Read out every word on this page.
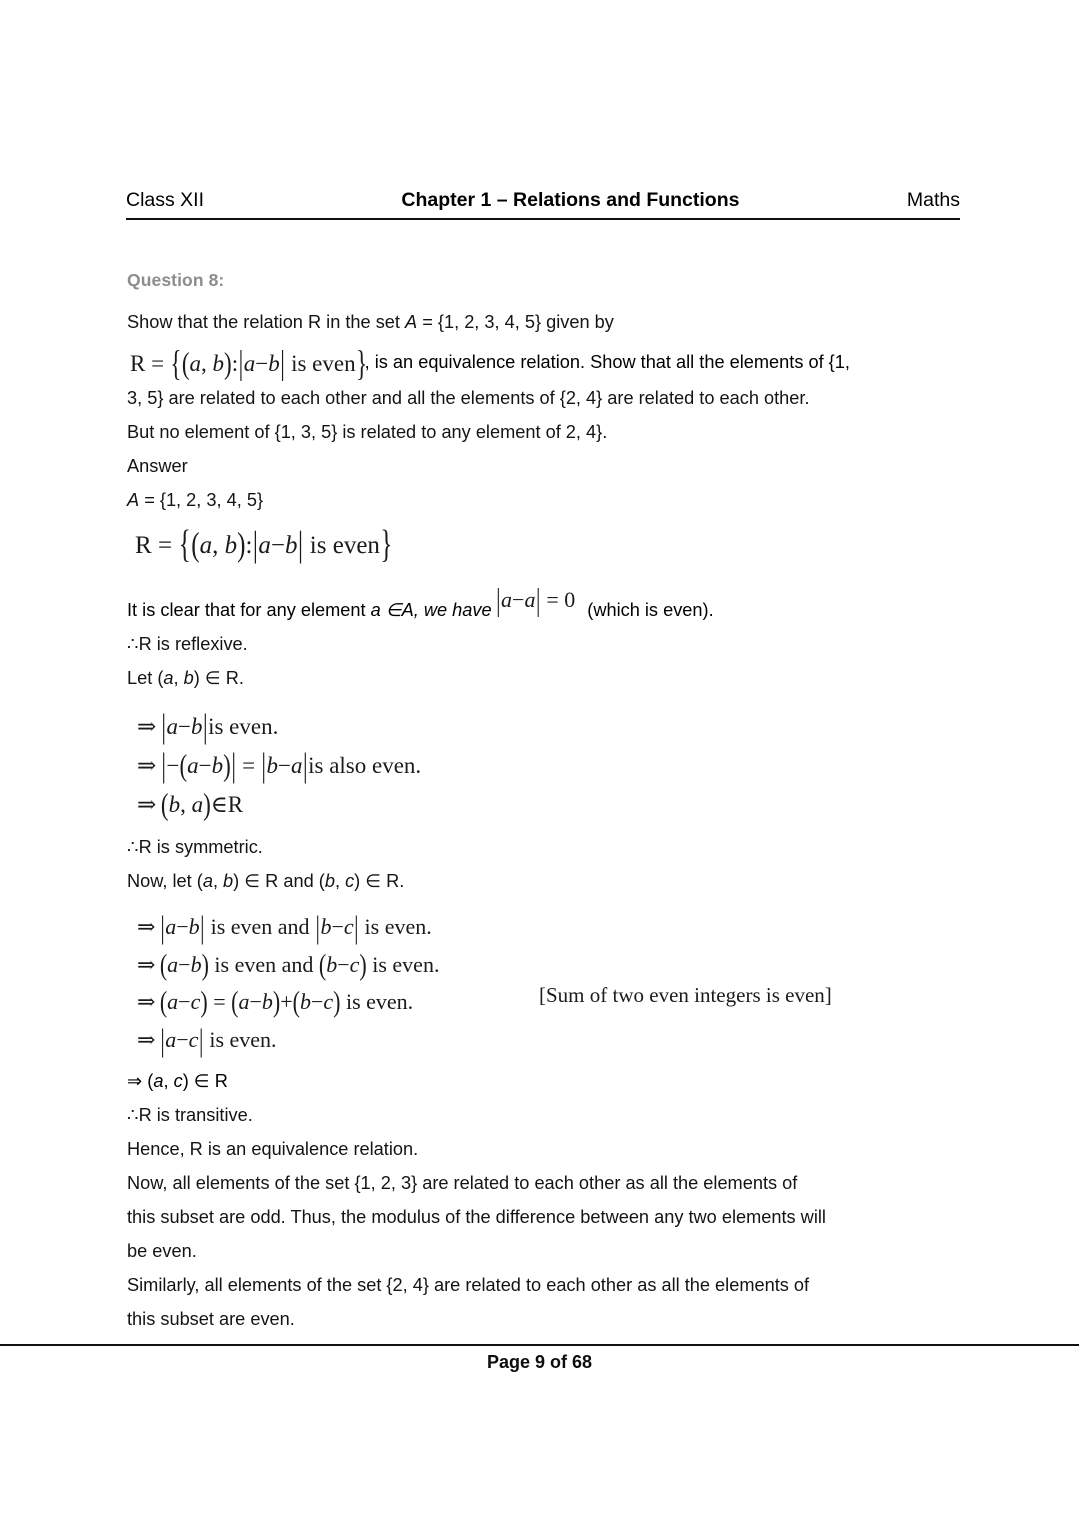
Class XII	Chapter 1 – Relations and Functions	Maths
Question 8:

Show that the relation R in the set A = {1, 2, 3, 4, 5} given by

R = {(a, b):|a−b| is even}
, is an equivalence relation. Show that all the elements of {1,

3, 5} are related to each other and all the elements of {2, 4} are related to each other.

But no element of {1, 3, 5} is related to any element of 2, 4}.

Answer

A = {1, 2, 3, 4, 5}

R = {(a, b):|a−b| is even}
It is clear that for any element a ∈A, we have |a−a| = 0 (which is even).

∴R is reflexive.

Let (a, b) ∈ R.

⇒  |a−b|is even.
⇒  |−(a−b)| = |b−a|is also even.
⇒  (b, a)∈R

∴R is symmetric.

Now, let (a, b) ∈ R and (b, c) ∈ R.

⇒  |a−b| is even and |b−c| is even.
⇒  (a−b) is even and (b−c) is even.
⇒  (a−c) = (a−b)+(b−c) is even.
⇒  |a−c| is even.
[Sum of two even integers is even]

⇒ (a, c) ∈ R

∴R is transitive.

Hence, R is an equivalence relation.

Now, all elements of the set {1, 2, 3} are related to each other as all the elements of

this subset are odd. Thus, the modulus of the difference between any two elements will

be even.

Similarly, all elements of the set {2, 4} are related to each other as all the elements of

this subset are even.

Page 9 of 68
